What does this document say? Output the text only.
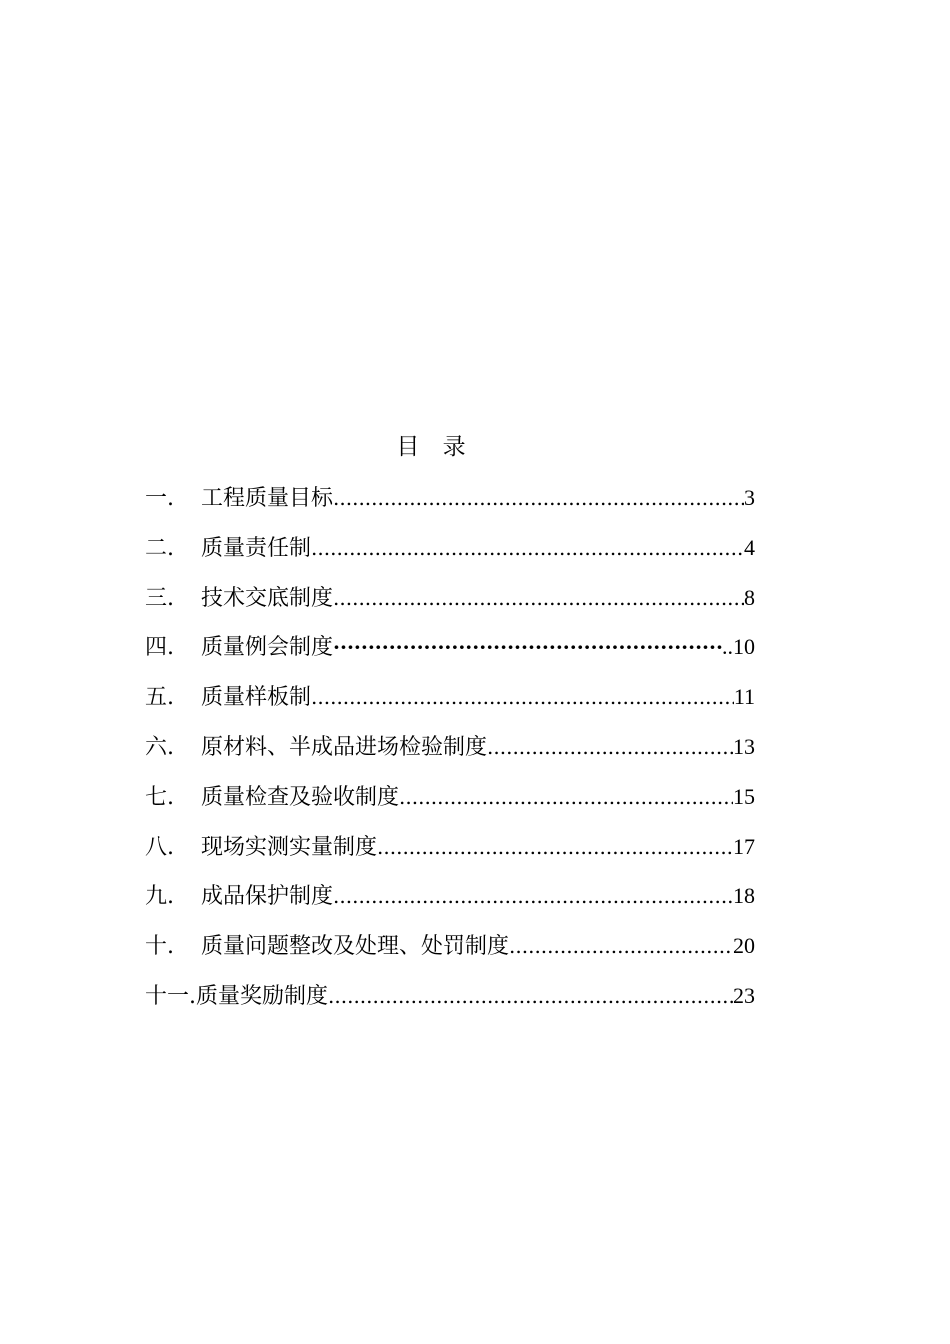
目 录
一.	工程质量目标 .....	3
二.	质量责任制 .....	4
三.	技术交底制度 .....	8
四.	质量例会制度 ·····	..10
五.	质量样板制 .....	11
六.	原材料、半成品进场检验制度 .....	13
七.	质量检查及验收制度 .....	15
八.	现场实测实量制度 .....	17
九.	成品保护制度 .....	18
十.	质量问题整改及处理、处罚制度 .....	20
十一. 质量奖励制度 .....	23
